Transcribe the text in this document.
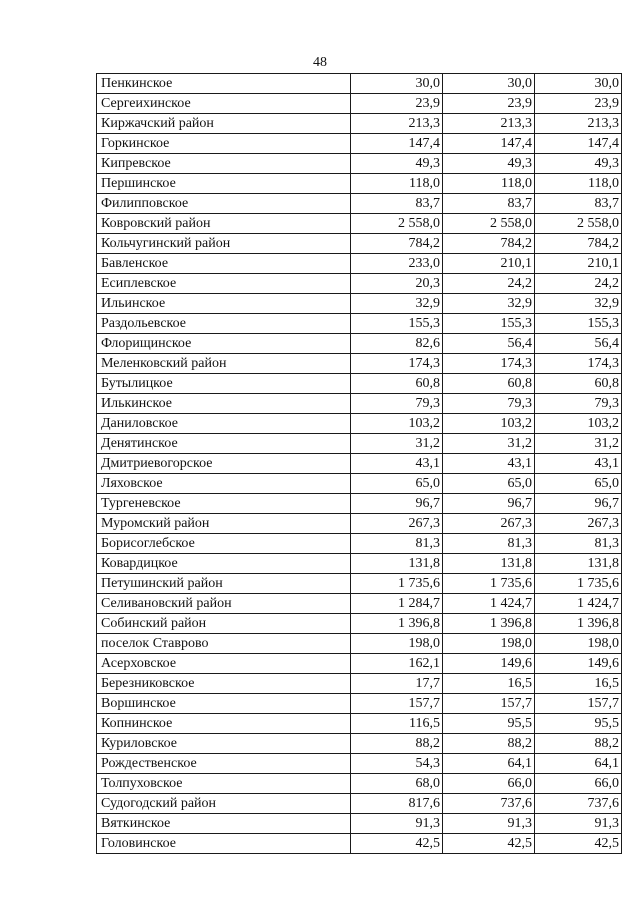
48
Пенкинское	30,0	30,0	30,0
Сергеихинское	23,9	23,9	23,9
Киржачский район	213,3	213,3	213,3
Горкинское	147,4	147,4	147,4
Кипревское	49,3	49,3	49,3
Першинское	118,0	118,0	118,0
Филипповское	83,7	83,7	83,7
Ковровский район	2 558,0	2 558,0	2 558,0
Кольчугинский район	784,2	784,2	784,2
Бавленское	233,0	210,1	210,1
Есиплевское	20,3	24,2	24,2
Ильинское	32,9	32,9	32,9
Раздольевское	155,3	155,3	155,3
Флорищинское	82,6	56,4	56,4
Меленковский район	174,3	174,3	174,3
Бутылицкое	60,8	60,8	60,8
Илькинское	79,3	79,3	79,3
Даниловское	103,2	103,2	103,2
Денятинское	31,2	31,2	31,2
Дмитриевогорское	43,1	43,1	43,1
Ляховское	65,0	65,0	65,0
Тургеневское	96,7	96,7	96,7
Муромский район	267,3	267,3	267,3
Борисоглебское	81,3	81,3	81,3
Ковардицкое	131,8	131,8	131,8
Петушинский район	1 735,6	1 735,6	1 735,6
Селивановский район	1 284,7	1 424,7	1 424,7
Собинский район	1 396,8	1 396,8	1 396,8
поселок Ставрово	198,0	198,0	198,0
Асерховское	162,1	149,6	149,6
Березниковское	17,7	16,5	16,5
Воршинское	157,7	157,7	157,7
Копнинское	116,5	95,5	95,5
Куриловское	88,2	88,2	88,2
Рождественское	54,3	64,1	64,1
Толпуховское	68,0	66,0	66,0
Судогодский район	817,6	737,6	737,6
Вяткинское	91,3	91,3	91,3
Головинское	42,5	42,5	42,5
